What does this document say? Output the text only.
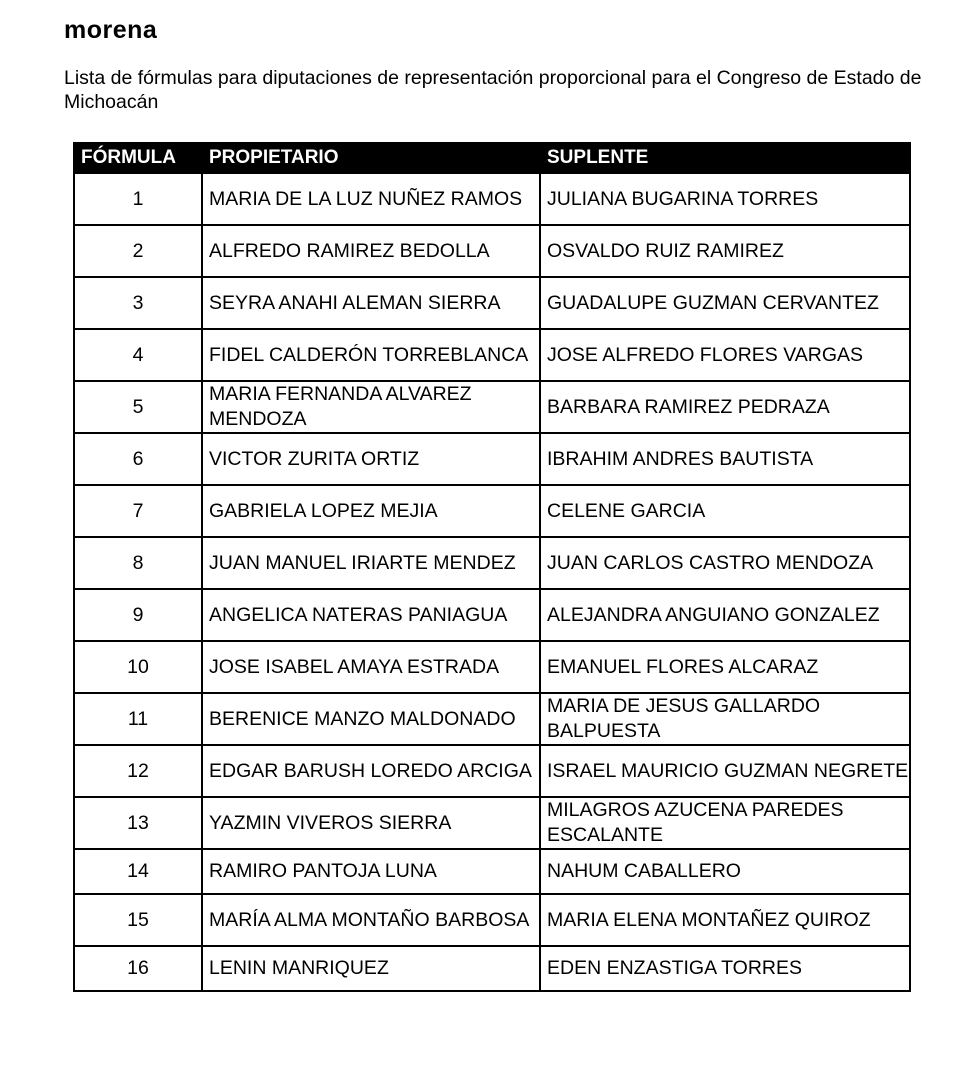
morena
Lista de fórmulas para diputaciones de representación proporcional para el Congreso de Estado de Michoacán
FÓRMULA	PROPIETARIO	SUPLENTE
1	MARIA DE LA LUZ NUÑEZ RAMOS	JULIANA BUGARINA TORRES
2	ALFREDO RAMIREZ BEDOLLA	OSVALDO RUIZ RAMIREZ
3	SEYRA ANAHI ALEMAN SIERRA	GUADALUPE GUZMAN CERVANTEZ
4	FIDEL CALDERÓN TORREBLANCA	JOSE ALFREDO FLORES VARGAS
5	MARIA FERNANDA ALVAREZ MENDOZA	BARBARA RAMIREZ PEDRAZA
6	VICTOR ZURITA ORTIZ	IBRAHIM ANDRES BAUTISTA
7	GABRIELA LOPEZ MEJIA	CELENE GARCIA
8	JUAN MANUEL IRIARTE MENDEZ	JUAN CARLOS CASTRO MENDOZA
9	ANGELICA NATERAS PANIAGUA	ALEJANDRA ANGUIANO GONZALEZ
10	JOSE ISABEL AMAYA ESTRADA	EMANUEL FLORES ALCARAZ
11	BERENICE MANZO MALDONADO	MARIA DE JESUS GALLARDO BALPUESTA
12	EDGAR BARUSH LOREDO ARCIGA	ISRAEL MAURICIO GUZMAN NEGRETE
13	YAZMIN VIVEROS SIERRA	MILAGROS AZUCENA PAREDES ESCALANTE
14	RAMIRO PANTOJA LUNA	NAHUM CABALLERO
15	MARÍA ALMA MONTAÑO BARBOSA	MARIA ELENA MONTAÑEZ QUIROZ
16	LENIN MANRIQUEZ	EDEN ENZASTIGA TORRES
